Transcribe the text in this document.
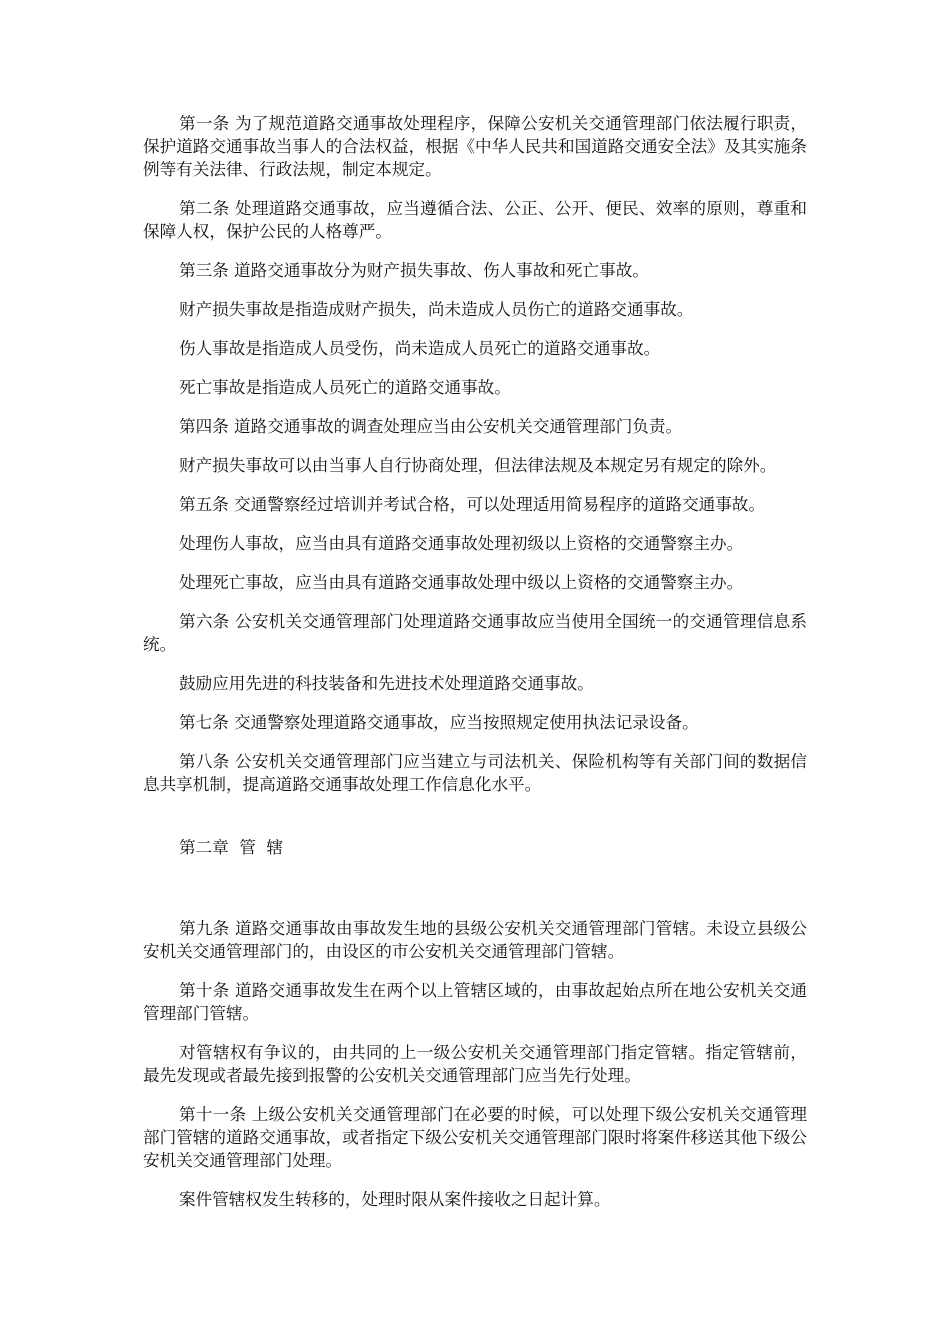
第一条 为了规范道路交通事故处理程序，保障公安机关交通管理部门依法履行职责，保护道路交通事故当事人的合法权益，根据《中华人民共和国道路交通安全法》及其实施条例等有关法律、行政法规，制定本规定。

第二条 处理道路交通事故，应当遵循合法、公正、公开、便民、效率的原则，尊重和保障人权，保护公民的人格尊严。

第三条 道路交通事故分为财产损失事故、伤人事故和死亡事故。

财产损失事故是指造成财产损失，尚未造成人员伤亡的道路交通事故。

伤人事故是指造成人员受伤，尚未造成人员死亡的道路交通事故。

死亡事故是指造成人员死亡的道路交通事故。

第四条 道路交通事故的调查处理应当由公安机关交通管理部门负责。

财产损失事故可以由当事人自行协商处理，但法律法规及本规定另有规定的除外。

第五条 交通警察经过培训并考试合格，可以处理适用简易程序的道路交通事故。

处理伤人事故，应当由具有道路交通事故处理初级以上资格的交通警察主办。

处理死亡事故，应当由具有道路交通事故处理中级以上资格的交通警察主办。

第六条 公安机关交通管理部门处理道路交通事故应当使用全国统一的交通管理信息系统。

鼓励应用先进的科技装备和先进技术处理道路交通事故。

第七条 交通警察处理道路交通事故，应当按照规定使用执法记录设备。

第八条 公安机关交通管理部门应当建立与司法机关、保险机构等有关部门间的数据信息共享机制，提高道路交通事故处理工作信息化水平。

第二章  管  辖

第九条 道路交通事故由事故发生地的县级公安机关交通管理部门管辖。未设立县级公安机关交通管理部门的，由设区的市公安机关交通管理部门管辖。

第十条 道路交通事故发生在两个以上管辖区域的，由事故起始点所在地公安机关交通管理部门管辖。

对管辖权有争议的，由共同的上一级公安机关交通管理部门指定管辖。指定管辖前，最先发现或者最先接到报警的公安机关交通管理部门应当先行处理。

第十一条 上级公安机关交通管理部门在必要的时候，可以处理下级公安机关交通管理部门管辖的道路交通事故，或者指定下级公安机关交通管理部门限时将案件移送其他下级公安机关交通管理部门处理。

案件管辖权发生转移的，处理时限从案件接收之日起计算。
